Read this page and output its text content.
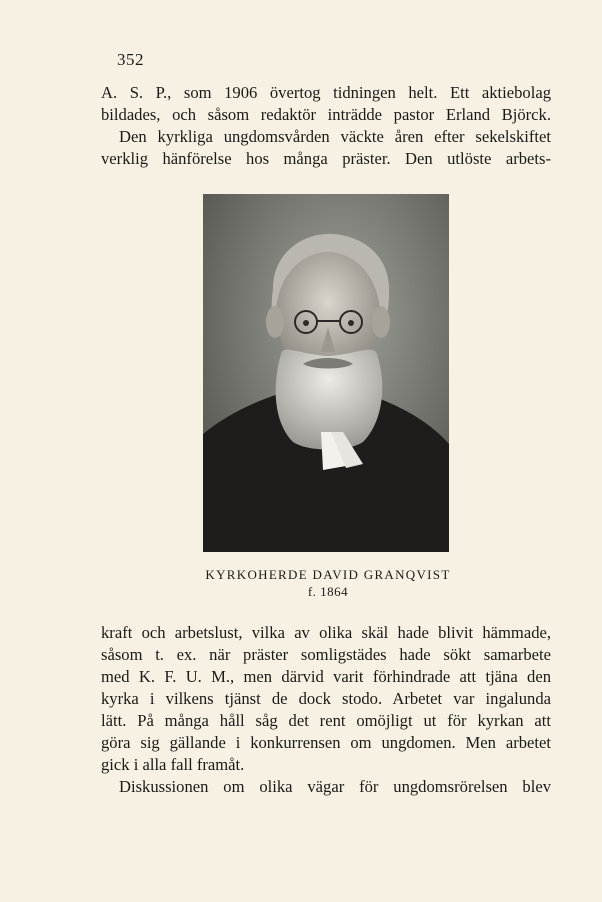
352
A. S. P., som 1906 övertog tidningen helt. Ett aktiebolag
bildades, och såsom redaktör inträdde pastor Erland Björck.
Den kyrkliga ungdomsvården väckte åren efter sekelskiftet
verklig hänförelse hos många präster. Den utlöste arbets-
KYRKOHERDE DAVID GRANQVIST
f. 1864
kraft och arbetslust, vilka av olika skäl hade blivit hämmade,
såsom t. ex. när präster somligstädes hade sökt samarbete
med K. F. U. M., men därvid varit förhindrade att tjäna den
kyrka i vilkens tjänst de dock stodo. Arbetet var ingalunda
lätt. På många håll såg det rent omöjligt ut för kyrkan att
göra sig gällande i konkurrensen om ungdomen. Men arbetet
gick i alla fall framåt.
Diskussionen om olika vägar för ungdomsrörelsen blev
